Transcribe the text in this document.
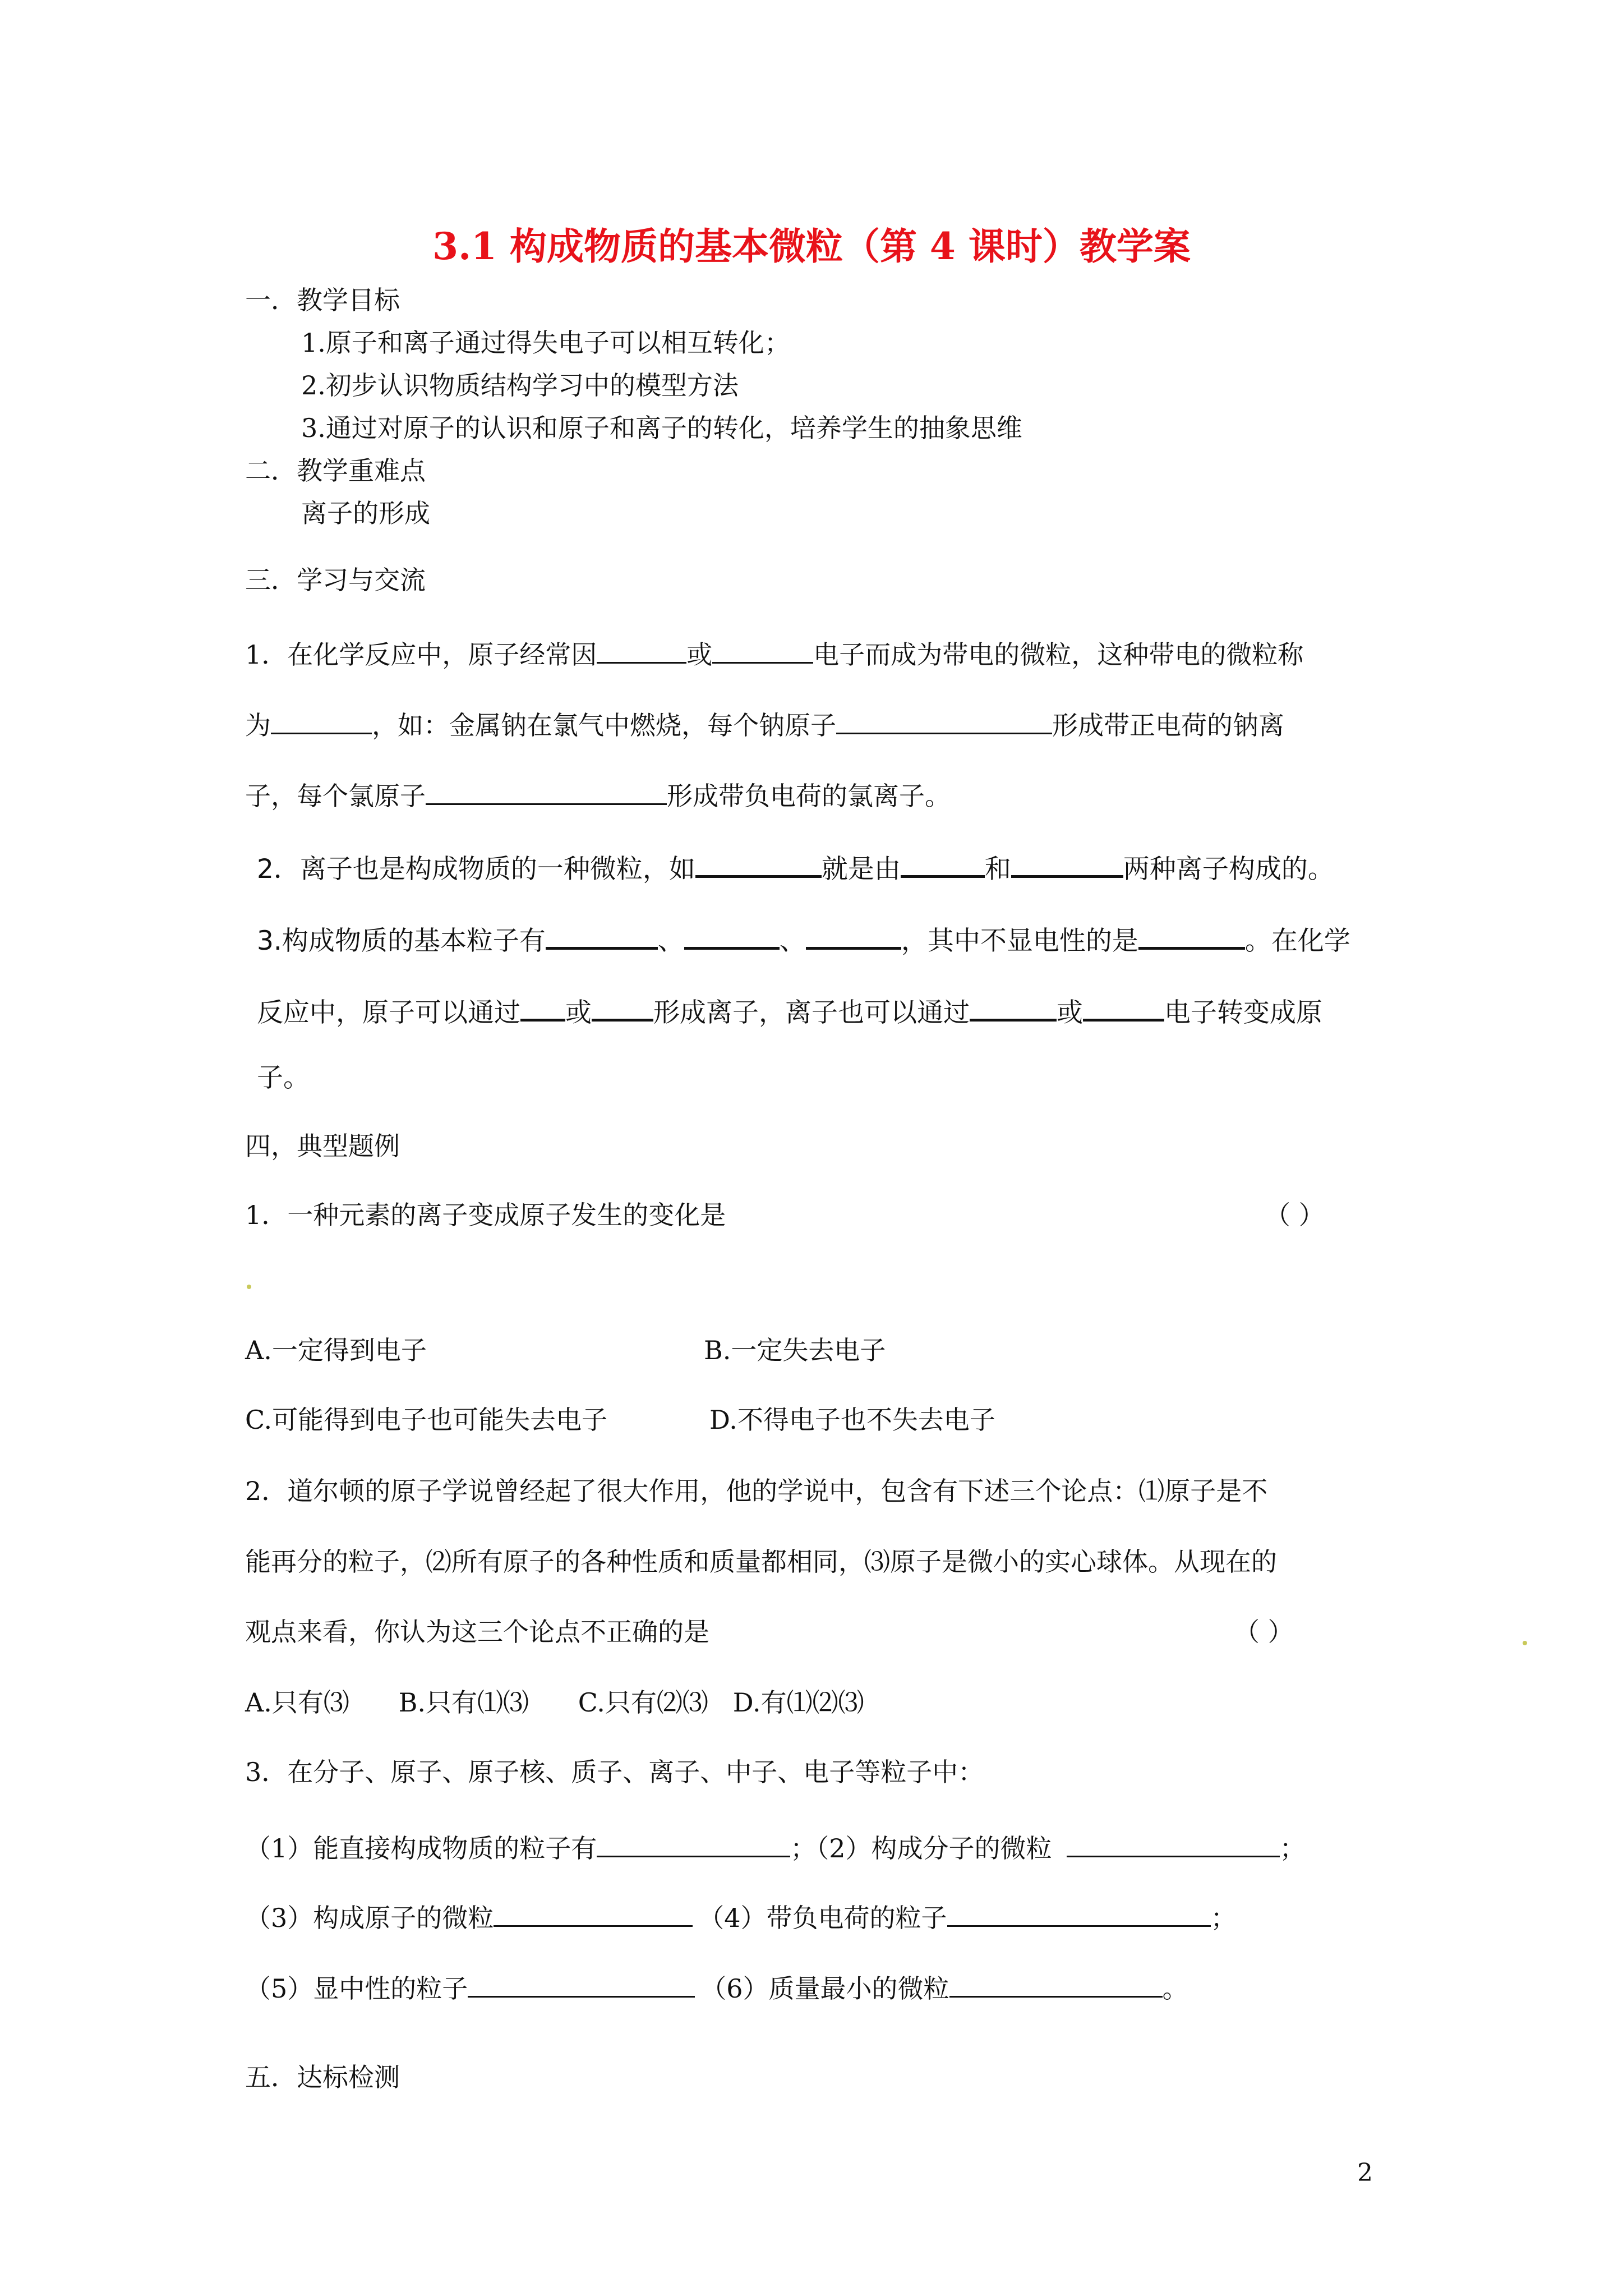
3.1 构成物质的基本微粒（第 4 课时）教学案
一．教学目标
1.原子和离子通过得失电子可以相互转化；
2.初步认识物质结构学习中的模型方法
3.通过对原子的认识和原子和离子的转化，培养学生的抽象思维
二．教学重难点
离子的形成
三．学习与交流
1．在化学反应中，原子经常因	或	电子而成为带电的微粒，这种带电的微粒称
为	，如：金属钠在氯气中燃烧，每个钠原子	形成带正电荷的钠离
子，每个氯原子	形成带负电荷的氯离子。
2．离子也是构成物质的一种微粒，如	就是由	和	两种离子构成的。
3.构成物质的基本粒子有	、	、	，其中不显电性的是	。在化学
反应中，原子可以通过 或 形成离子，离子也可以通过	或	电子转变成原
子。
四，典型题例
1．一种元素的离子变成原子发生的变化是	（ ）
A.一定得到电子	B.一定失去电子
C.可能得到电子也可能失去电子	D.不得电子也不失去电子
2．道尔顿的原子学说曾经起了很大作用，他的学说中，包含有下述三个论点：⑴原子是不
能再分的粒子，⑵所有原子的各种性质和质量都相同，⑶原子是微小的实心球体。从现在的
观点来看，你认为这三个论点不正确的是	（ ）
A.只有⑶      B.只有⑴⑶      C.只有⑵⑶   D.有⑴⑵⑶
3．在分子、原子、原子核、质子、离子、中子、电子等粒子中：
（1）能直接构成物质的粒子有	；（2）构成分子的微粒	；
（3）构成原子的微粒	（4）带负电荷的粒子	；
（5）显中性的粒子	（6）质量最小的微粒	。
五．达标检测
2
